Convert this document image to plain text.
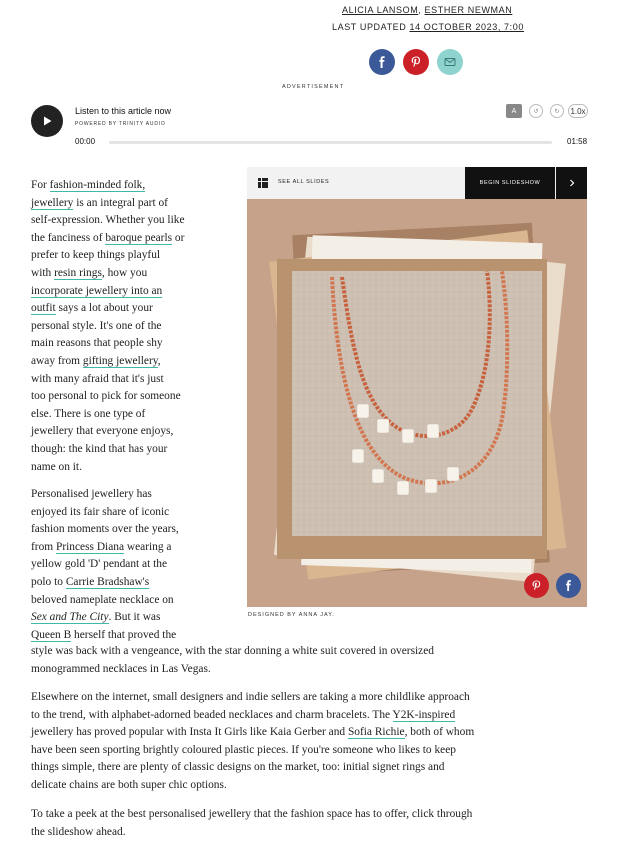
ALICIA LANSOM, ESTHER NEWMAN
LAST UPDATED 14 OCTOBER 2023, 7:00
ADVERTISEMENT
Listen to this article now
POWERED BY TRINITY AUDIO
00:00	01:58
A	↺	↻	1.0x
For fashion-minded folk,
jewellery is an integral part of
self-expression. Whether you like
the fanciness of baroque pearls or
prefer to keep things playful
with resin rings, how you
incorporate jewellery into an
outfit says a lot about your
personal style. It's one of the
main reasons that people shy
away from gifting jewellery,
with many afraid that it's just
too personal to pick for someone
else. There is one type of
jewellery that everyone enjoys,
though: the kind that has your
name on it.
Personalised jewellery has
enjoyed its fair share of iconic
fashion moments over the years,
from Princess Diana wearing a
yellow gold 'D' pendant at the
polo to Carrie Bradshaw's
beloved nameplate necklace on
Sex and The City. But it was
Queen B herself that proved the
style was back with a vengeance, with the star donning a white suit covered in oversized
monogrammed necklaces in Las Vegas.
Elsewhere on the internet, small designers and indie sellers are taking a more childlike approach
to the trend, with alphabet-adorned beaded necklaces and charm bracelets. The Y2K-inspired
jewellery has proved popular with Insta It Girls like Kaia Gerber and Sofia Richie, both of whom
have been seen sporting brightly coloured plastic pieces. If you're someone who likes to keep
things simple, there are plenty of classic designs on the market, too: initial signet rings and
delicate chains are both super chic options.
To take a peek at the best personalised jewellery that the fashion space has to offer, click through
the slideshow ahead.
SEE ALL SLIDES	BEGIN SLIDESHOW
DESIGNED BY ANNA JAY.
